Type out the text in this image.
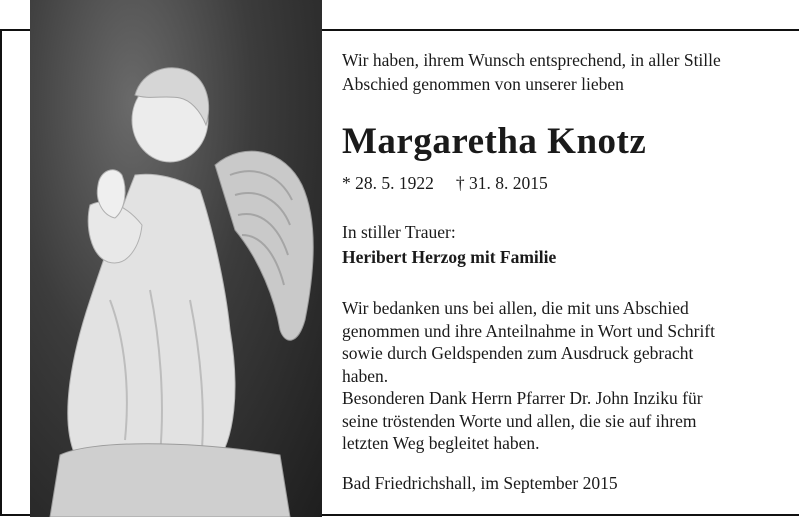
Wir haben, ihrem Wunsch entsprechend, in aller Stille
Abschied genommen von unserer lieben
Margaretha Knotz
* 28. 5. 1922 † 31. 8. 2015
In stiller Trauer:
Heribert Herzog mit Familie
Wir bedanken uns bei allen, die mit uns Abschied
genommen und ihre Anteilnahme in Wort und Schrift
sowie durch Geldspenden zum Ausdruck gebracht
haben.
Besonderen Dank Herrn Pfarrer Dr. John Inziku für
seine tröstenden Worte und allen, die sie auf ihrem
letzten Weg begleitet haben.
Bad Friedrichshall, im September 2015
